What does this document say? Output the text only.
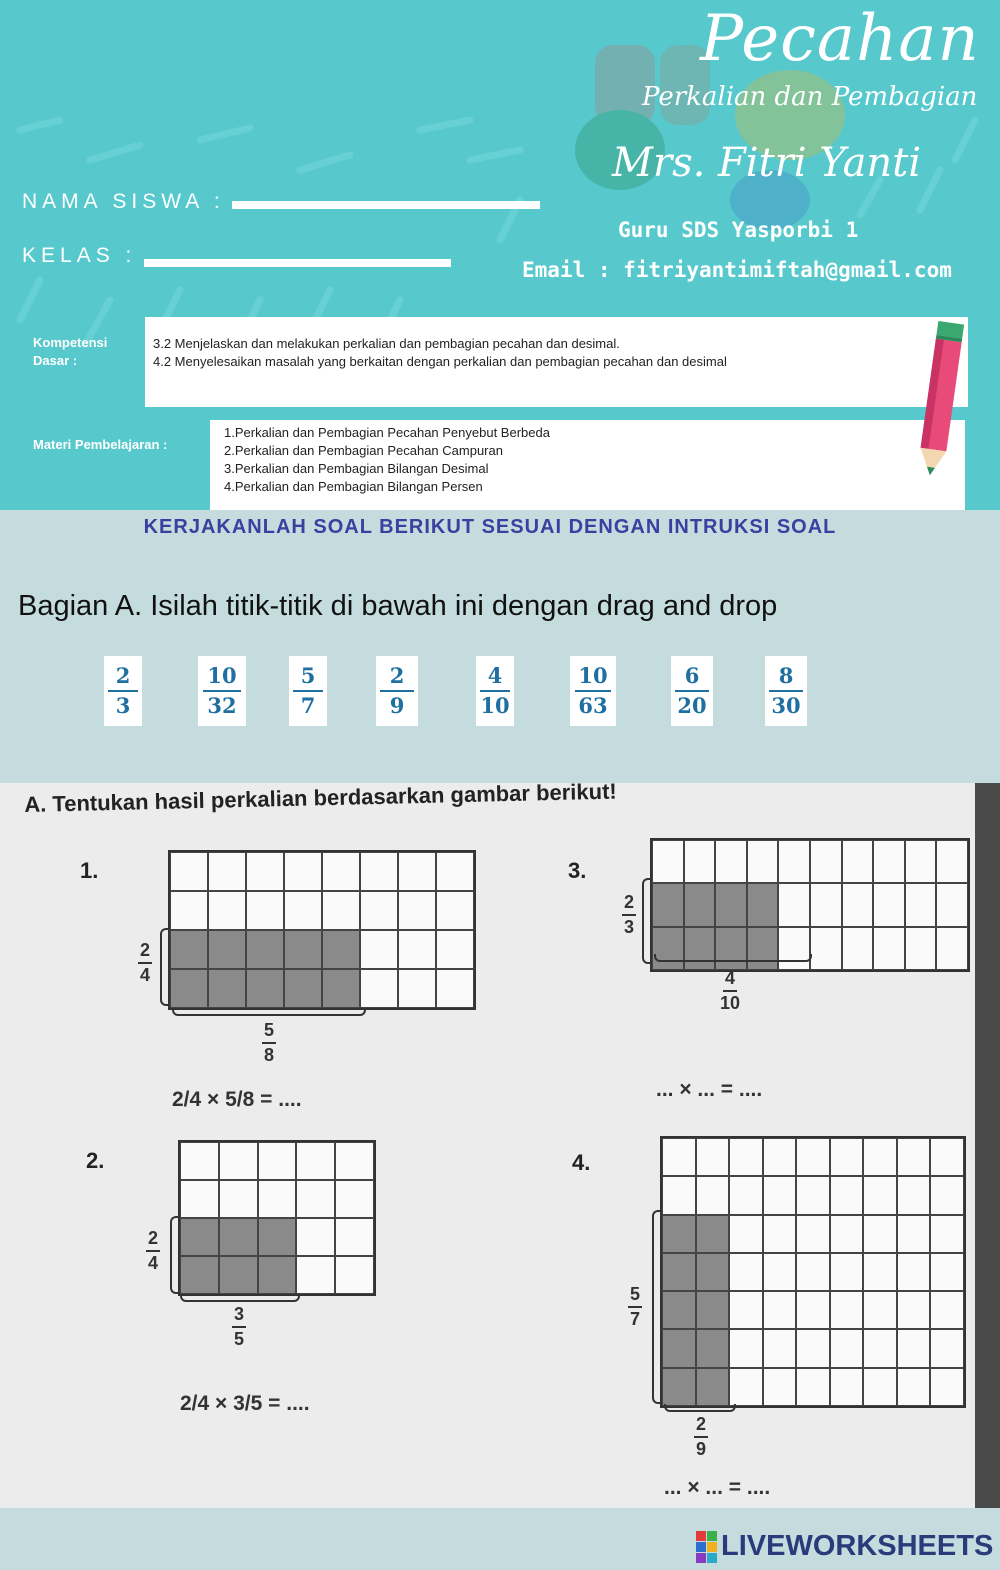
Pecahan
Perkalian dan Pembagian
Mrs. Fitri Yanti
Guru SDS Yasporbi 1
Email : fitriyantimiftah@gmail.com
NAMA SISWA :
KELAS :
Kompetensi Dasar :
3.2 Menjelaskan dan melakukan perkalian dan pembagian pecahan dan desimal.
4.2 Menyelesaikan masalah yang berkaitan dengan perkalian dan pembagian pecahan dan desimal
Materi Pembelajaran :
1.Perkalian dan Pembagian Pecahan Penyebut Berbeda
2.Perkalian dan Pembagian Pecahan Campuran
3.Perkalian dan Pembagian Bilangan Desimal
4.Perkalian dan Pembagian Bilangan Persen
KERJAKANLAH SOAL BERIKUT SESUAI DENGAN INTRUKSI SOAL
Bagian A. Isilah titik-titik di bawah ini dengan drag and drop
2
3
10
32
5
7
2
9
4
10
10
63
6
20
8
30
A. Tentukan hasil perkalian berdasarkan gambar berikut!
1.
2
4
5
8
2/4 × 5/8 = ....
2.
2
4
3
5
2/4 × 3/5 = ....
3.
2
3
4
10
... × ... = ....
4.
5
7
2
9
... × ... = ....
LIVEWORKSHEETS
